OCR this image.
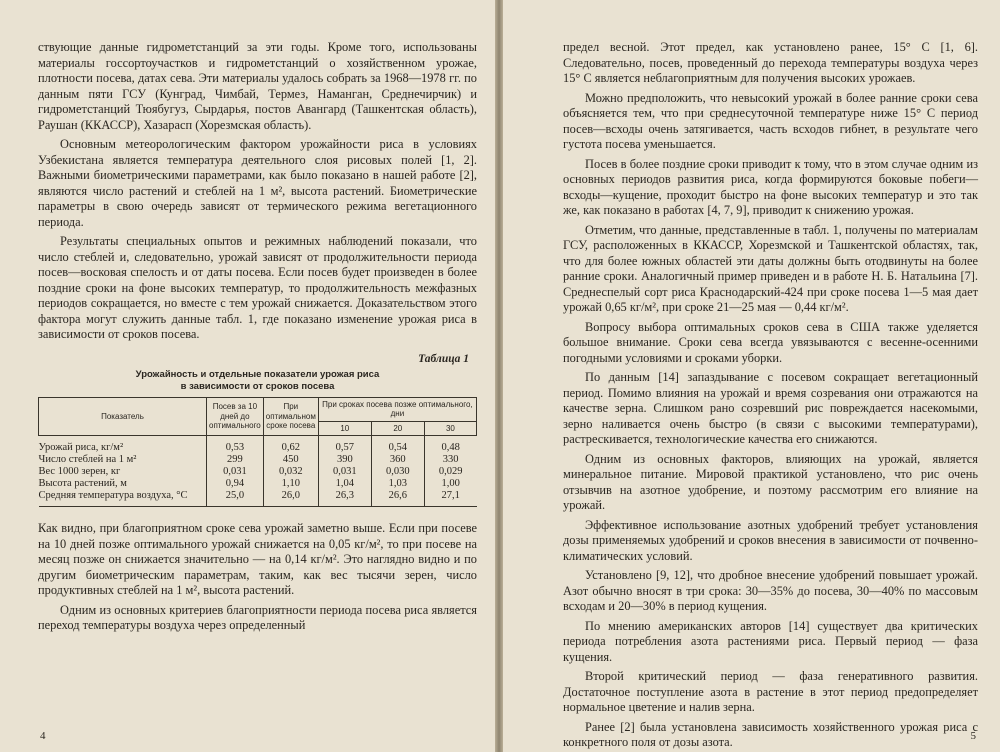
ствующие данные гидрометстанций за эти годы. Кроме того, использованы материалы госсортоучастков и гидрометстанций о хозяйственном урожае, плотности посева, датах сева. Эти материалы удалось собрать за 1968—1978 гг. по данным пяти ГСУ (Кунград, Чимбай, Термез, Наманган, Среднечирчик) и гидрометстанций Тюябугуз, Сырдарья, постов Авангард (Ташкентская область), Раушан (ККАССР), Хазарасп (Хорезмская область).

Основным метеорологическим фактором урожайности риса в условиях Узбекистана является температура деятельного слоя рисовых полей [1, 2]. Важными биометрическими параметрами, как было показано в нашей работе [2], являются число растений и стеблей на 1 м², высота растений. Биометрические параметры в свою очередь зависят от термического режима вегетационного периода.

Результаты специальных опытов и режимных наблюдений показали, что число стеблей и, следовательно, урожай зависят от продолжительности периода посев—восковая спелость и от даты посева. Если посев будет произведен в более поздние сроки на фоне высоких температур, то продолжительность межфазных периодов сокращается, но вместе с тем урожай снижается. Доказательством этого фактора могут служить данные табл. 1, где показано изменение урожая риса в зависимости от сроков посева.

Таблица 1
Урожайность и отдельные показатели урожая риса
в зависимости от сроков посева
Показатель	Посев за 10 дней до оптимального	При оптимальном сроке посева	При сроках посева позже оптимального, дни		
			10	20	30
Урожай риса, кг/м²	0,53	0,62	0,57	0,54	0,48
Число стеблей на 1 м²	299	450	390	360	330
Вес 1000 зерен, кг	0,031	0,032	0,031	0,030	0,029
Высота растений, м	0,94	1,10	1,04	1,03	1,00
Средняя температура воздуха, °С	25,0	26,0	26,3	26,6	27,1

Как видно, при благоприятном сроке сева урожай заметно выше. Если при посеве на 10 дней позже оптимального урожай снижается на 0,05 кг/м², то при посеве на месяц позже он снижается значительно — на 0,14 кг/м². Это наглядно видно и по другим биометрическим параметрам, таким, как вес тысячи зерен, число продуктивных стеблей на 1 м², высота растений.

Одним из основных критериев благоприятности периода посева риса является переход температуры воздуха через определенный

4

предел весной. Этот предел, как установлено ранее, 15° С [1, 6]. Следовательно, посев, проведенный до перехода температуры воздуха через 15° С является неблагоприятным для получения высоких урожаев.

Можно предположить, что невысокий урожай в более ранние сроки сева объясняется тем, что при среднесуточной температуре ниже 15° С период посев—всходы очень затягивается, часть всходов гибнет, в результате чего густота посева уменьшается.

Посев в более поздние сроки приводит к тому, что в этом случае одним из основных периодов развития риса, когда формируются боковые побеги—всходы—кущение, проходит быстро на фоне высоких температур и это так же, как показано в работах [4, 7, 9], приводит к снижению урожая.

Отметим, что данные, представленные в табл. 1, получены по материалам ГСУ, расположенных в ККАССР, Хорезмской и Ташкентской областях, так, что для более южных областей эти даты должны быть отодвинуты на более ранние сроки. Аналогичный пример приведен и в работе Н. Б. Натальина [7]. Среднеспелый сорт риса Краснодарский-424 при сроке посева 1—5 мая дает урожай 0,65 кг/м², при сроке 21—25 мая — 0,44 кг/м².

Вопросу выбора оптимальных сроков сева в США также уделяется большое внимание. Сроки сева всегда увязываются с весенне-осенними погодными условиями и сроками уборки.

По данным [14] запаздывание с посевом сокращает вегетационный период. Помимо влияния на урожай и время созревания они отражаются на качестве зерна. Слишком рано созревший рис повреждается насекомыми, зерно наливается очень быстро (в связи с высокими температурами), растрескивается, технологические качества его снижаются.

Одним из основных факторов, влияющих на урожай, является минеральное питание. Мировой практикой установлено, что рис очень отзывчив на азотное удобрение, и поэтому рассмотрим его влияние на урожай.

Эффективное использование азотных удобрений требует установления дозы применяемых удобрений и сроков внесения в зависимости от почвенно-климатических условий.

Установлено [9, 12], что дробное внесение удобрений повышает урожай. Азот обычно вносят в три срока: 30—35% до посева, 30—40% по массовым всходам и 20—30% в период кущения.

По мнению американских авторов [14] существует два критических периода потребления азота растениями риса. Первый период — фаза кущения.

Второй критический период — фаза генеративного развития. Достаточное поступление азота в растение в этот период предопределяет нормальное цветение и налив зерна.

Ранее [2] была установлена зависимость хозяйственного урожая риса с конкретного поля от дозы азота.	5
